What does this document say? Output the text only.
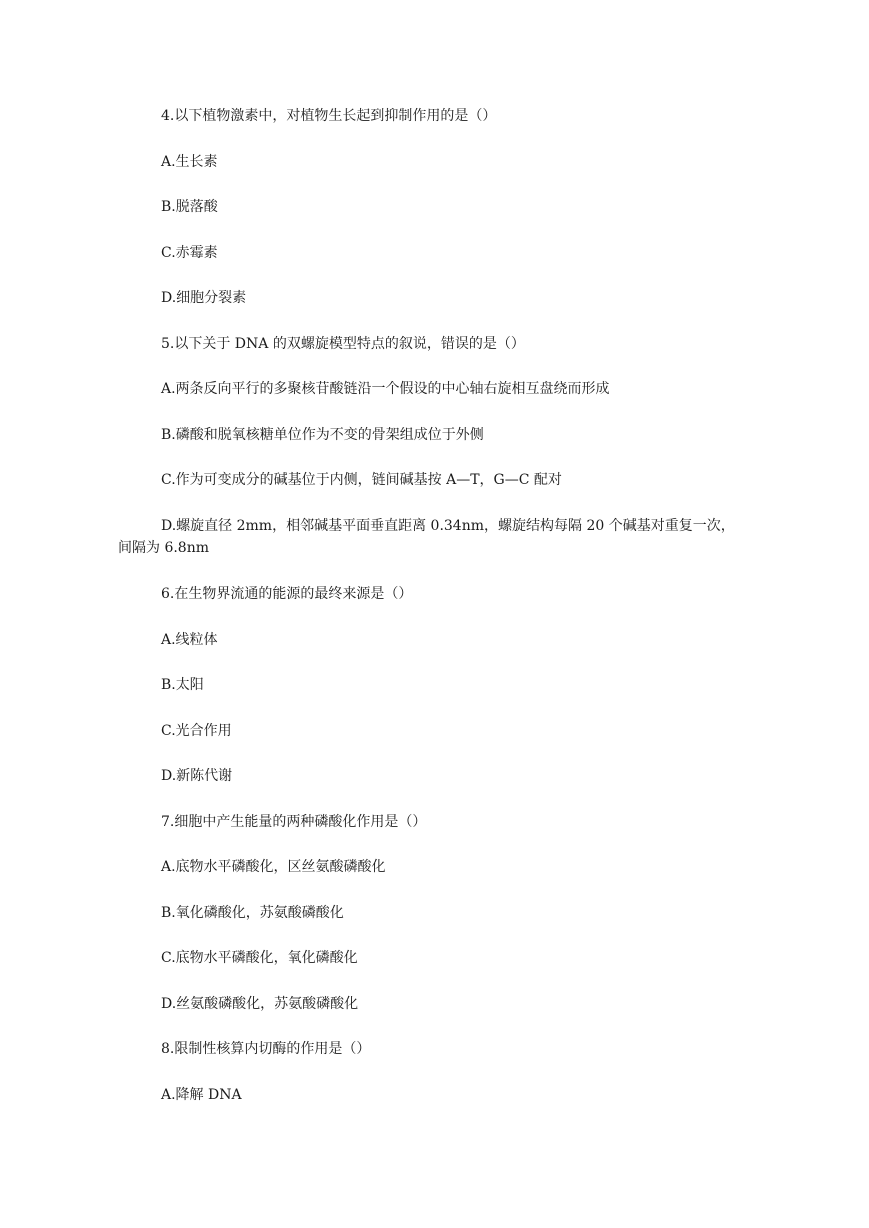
4.以下植物激素中，对植物生长起到抑制作用的是（）
A.生长素
B.脱落酸
C.赤霉素
D.细胞分裂素
5.以下关于 DNA 的双螺旋模型特点的叙说，错误的是（）
A.两条反向平行的多聚核苷酸链沿一个假设的中心轴右旋相互盘绕而形成
B.磷酸和脱氧核糖单位作为不变的骨架组成位于外侧
C.作为可变成分的碱基位于内侧，链间碱基按 A—T，G—C 配对
D.螺旋直径 2mm，相邻碱基平面垂直距离 0.34nm，螺旋结构每隔 20 个碱基对重复一次，
间隔为 6.8nm
6.在生物界流通的能源的最终来源是（）
A.线粒体
B.太阳
C.光合作用
D.新陈代谢
7.细胞中产生能量的两种磷酸化作用是（）
A.底物水平磷酸化，区丝氨酸磷酸化
B.氧化磷酸化，苏氨酸磷酸化
C.底物水平磷酸化，氧化磷酸化
D.丝氨酸磷酸化，苏氨酸磷酸化
8.限制性核算内切酶的作用是（）
A.降解 DNA
